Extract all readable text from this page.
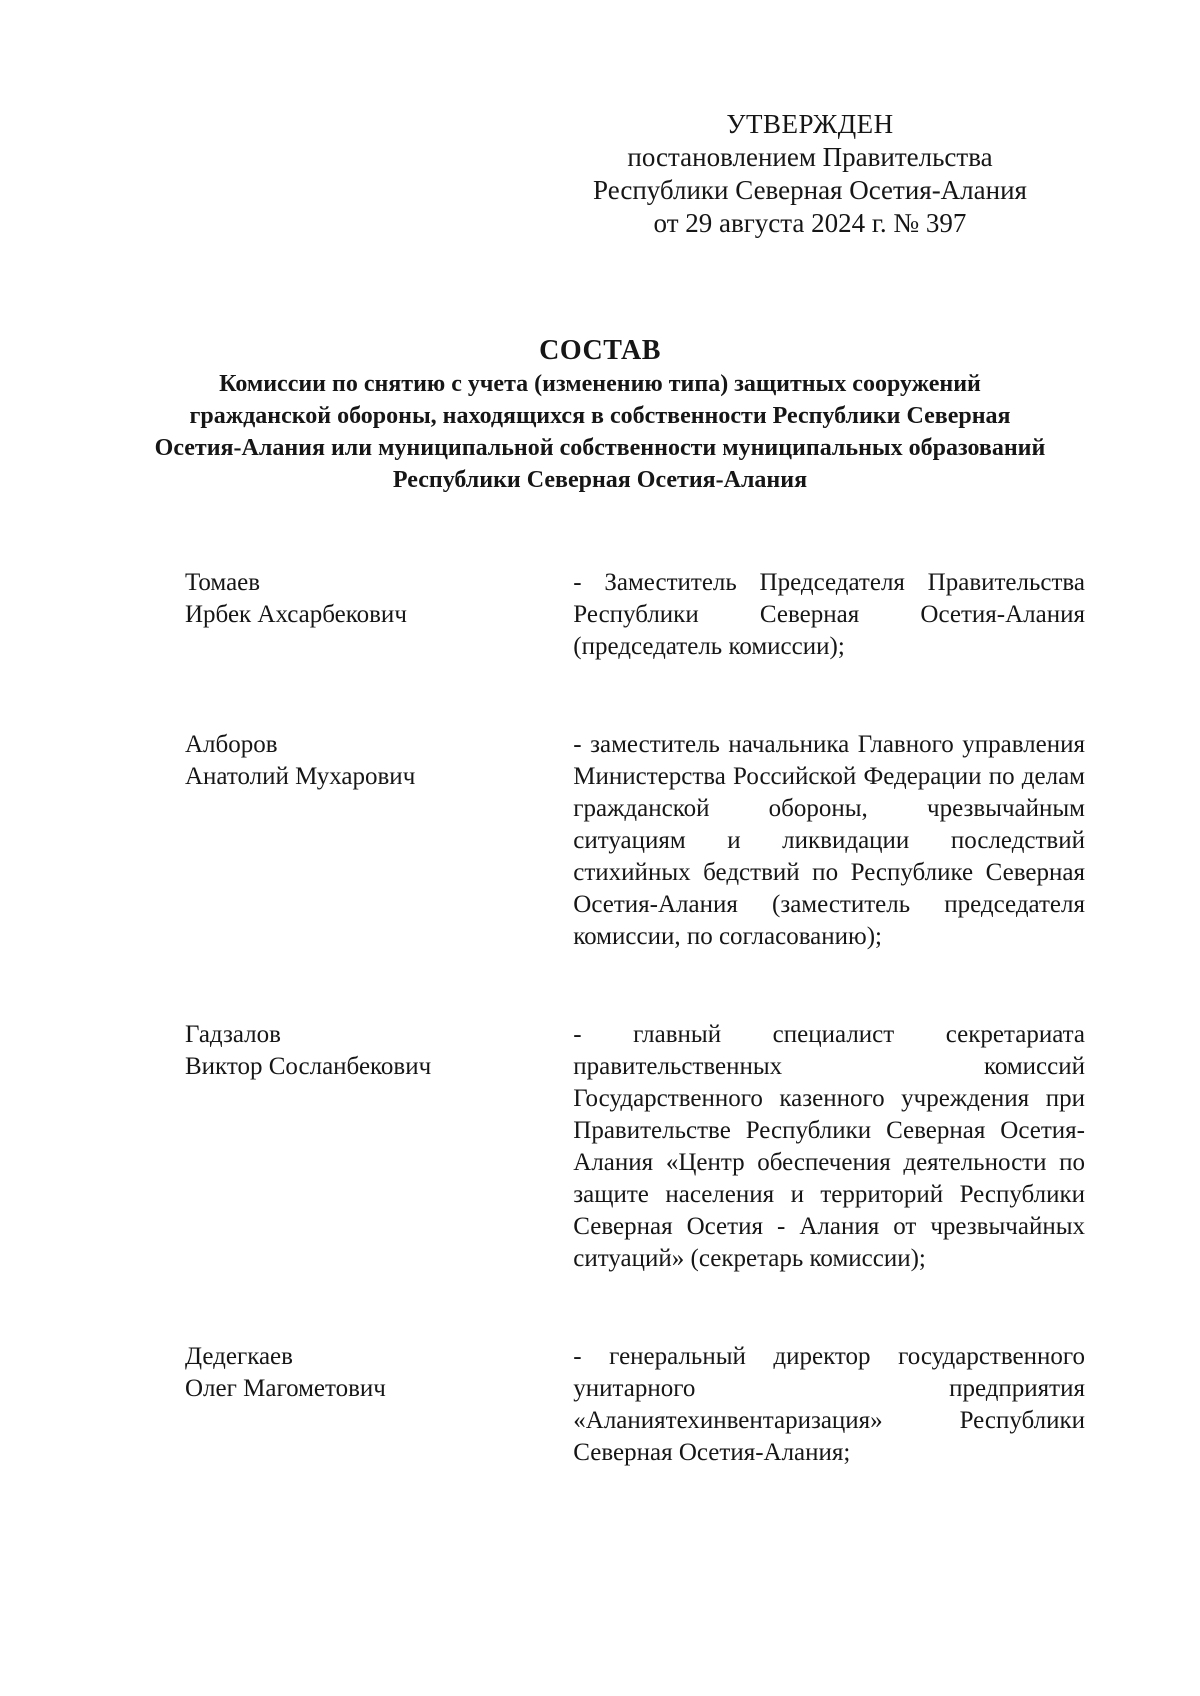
УТВЕРЖДЕН
постановлением Правительства
Республики Северная Осетия-Алания
от 29 августа 2024 г. № 397
СОСТАВ
Комиссии по снятию с учета (изменению типа) защитных сооружений гражданской обороны, находящихся в собственности Республики Северная Осетия-Алания или муниципальной собственности муниципальных образований Республики Северная Осетия-Алания
Томаев
Ирбек Ахсарбекович
- Заместитель Председателя Правительства Республики Северная Осетия-Алания (председатель комиссии);
Алборов
Анатолий Мухарович
- заместитель начальника Главного управления Министерства Российской Федерации по делам гражданской обороны, чрезвычайным ситуациям и ликвидации последствий стихийных бедствий по Республике Северная Осетия-Алания (заместитель председателя комиссии, по согласованию);
Гадзалов
Виктор Сосланбекович
- главный специалист секретариата правительственных комиссий Государственного казенного учреждения при Правительстве Республики Северная Осетия-Алания «Центр обеспечения деятельности по защите населения и территорий Республики Северная Осетия - Алания от чрезвычайных ситуаций» (секретарь комиссии);
Дедегкаев
Олег Магометович
- генеральный директор государственного унитарного предприятия «Аланиятехинвентаризация» Республики Северная Осетия-Алания;
